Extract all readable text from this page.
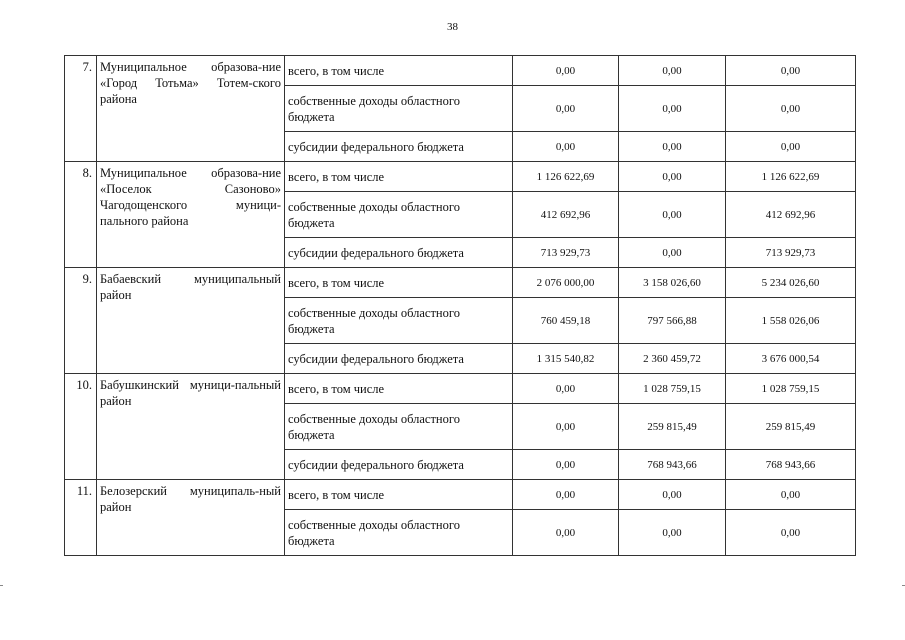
38
7.	Муниципальное образова-ние «Город Тотьма» Тотем-ского района	всего, в том числе	0,00	0,00	0,00
		собственные доходы областного бюджета	0,00	0,00	0,00
		субсидии федерального бюджета	0,00	0,00	0,00
8.	Муниципальное образова-ние «Поселок Сазоново» Чагодощенского муници-пального района	всего, в том числе	1 126 622,69	0,00	1 126 622,69
		собственные доходы областного бюджета	412 692,96	0,00	412 692,96
		субсидии федерального бюджета	713 929,73	0,00	713 929,73
9.	Бабаевский муниципальный район	всего, в том числе	2 076 000,00	3 158 026,60	5 234 026,60
		собственные доходы областного бюджета	760 459,18	797 566,88	1 558 026,06
		субсидии федерального бюджета	1 315 540,82	2 360 459,72	3 676 000,54
10.	Бабушкинский муници-пальный район	всего, в том числе	0,00	1 028 759,15	1 028 759,15
		собственные доходы областного бюджета	0,00	259 815,49	259 815,49
		субсидии федерального бюджета	0,00	768 943,66	768 943,66
11.	Белозерский муниципаль-ный район	всего, в том числе	0,00	0,00	0,00
		собственные доходы областного бюджета	0,00	0,00	0,00
